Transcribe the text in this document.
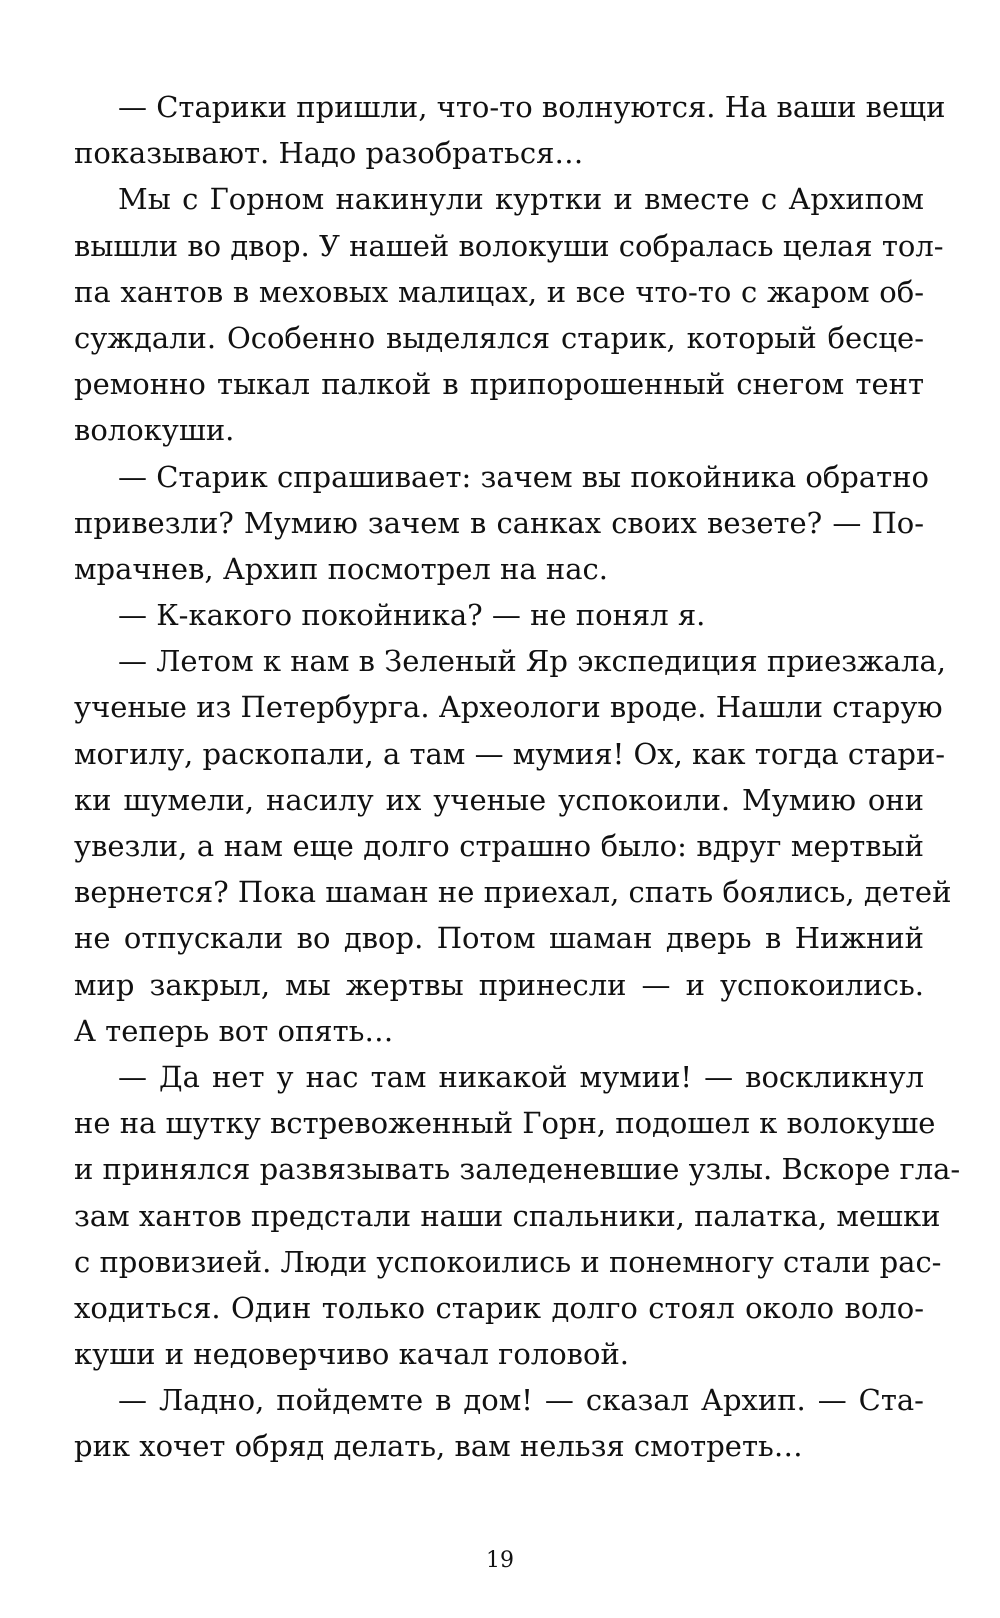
— Старики пришли, что-то волнуются. На ваши вещи
показывают. Надо разобраться…
Мы с Горном накинули куртки и вместе с Архипом
вышли во двор. У нашей волокуши собралась целая тол-
па хантов в меховых малицах, и все что-то с жаром об-
суждали. Особенно выделялся старик, который бесце-
ремонно тыкал палкой в припорошенный снегом тент
волокуши.
— Старик спрашивает: зачем вы покойника обратно
привезли? Мумию зачем в санках своих везете? — По-
мрачнев, Архип посмотрел на нас.
— К-какого покойника? — не понял я.
— Летом к нам в Зеленый Яр экспедиция приезжала,
ученые из Петербурга. Археологи вроде. Нашли старую
могилу, раскопали, а там — мумия! Ох, как тогда стари-
ки шумели, насилу их ученые успокоили. Мумию они
увезли, а нам еще долго страшно было: вдруг мертвый
вернется? Пока шаман не приехал, спать боялись, детей
не отпускали во двор. Потом шаман дверь в Нижний
мир закрыл, мы жертвы принесли — и успокоились.
А теперь вот опять…
— Да нет у нас там никакой мумии! — воскликнул
не на шутку встревоженный Горн, подошел к волокуше
и принялся развязывать заледеневшие узлы. Вскоре гла-
зам хантов предстали наши спальники, палатка, мешки
с провизией. Люди успокоились и понемногу стали рас-
ходиться. Один только старик долго стоял около воло-
куши и недоверчиво качал головой.
— Ладно, пойдемте в дом! — сказал Архип. — Ста-
рик хочет обряд делать, вам нельзя смотреть…
19
